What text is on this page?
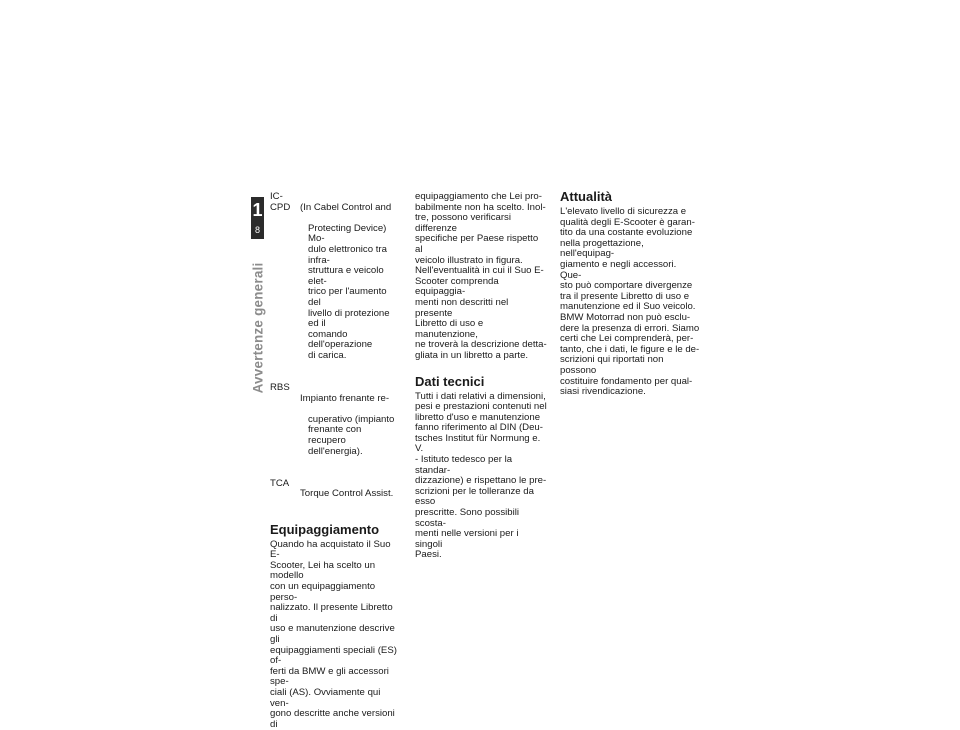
1
8
Avvertenze generali
IC-
CPD	(In Cabel Control and

Protecting Device) Mo-
dulo elettronico tra infra-
struttura e veicolo elet-
trico per l'aumento del
livello di protezione ed il
comando dell'operazione
di carica.

RBS

Impianto frenante re-

cuperativo (impianto
frenante con recupero
dell'energia).

TCA

Torque Control Assist.

Equipaggiamento

Quando ha acquistato il Suo E-
Scooter, Lei ha scelto un modello
con un equipaggiamento perso-
nalizzato. Il presente Libretto di
uso e manutenzione descrive gli
equipaggiamenti speciali (ES) of-
ferti da BMW e gli accessori spe-
ciali (AS). Ovviamente qui ven-
gono descritte anche versioni di

equipaggiamento che Lei pro-
babilmente non ha scelto. Inol-
tre, possono verificarsi differenze
specifiche per Paese rispetto al
veicolo illustrato in figura.
Nell'eventualità in cui il Suo E-
Scooter comprenda equipaggia-
menti non descritti nel presente
Libretto di uso e manutenzione,
ne troverà la descrizione detta-
gliata in un libretto a parte.

Dati tecnici

Tutti i dati relativi a dimensioni,
pesi e prestazioni contenuti nel
libretto d'uso e manutenzione
fanno riferimento al DIN (Deu-
tsches Institut für Normung e. V.
- Istituto tedesco per la standar-
dizzazione) e rispettano le pre-
scrizioni per le tolleranze da esso
prescritte. Sono possibili scosta-
menti nelle versioni per i singoli
Paesi.

Attualità

L'elevato livello di sicurezza e
qualità degli E-Scooter è garan-
tito da una costante evoluzione
nella progettazione, nell'equipag-
giamento e negli accessori. Que-
sto può comportare divergenze
tra il presente Libretto di uso e
manutenzione ed il Suo veicolo.
BMW Motorrad non può esclu-
dere la presenza di errori. Siamo
certi che Lei comprenderà, per-
tanto, che i dati, le figure e le de-
scrizioni qui riportati non possono
costituire fondamento per qual-
siasi rivendicazione.
